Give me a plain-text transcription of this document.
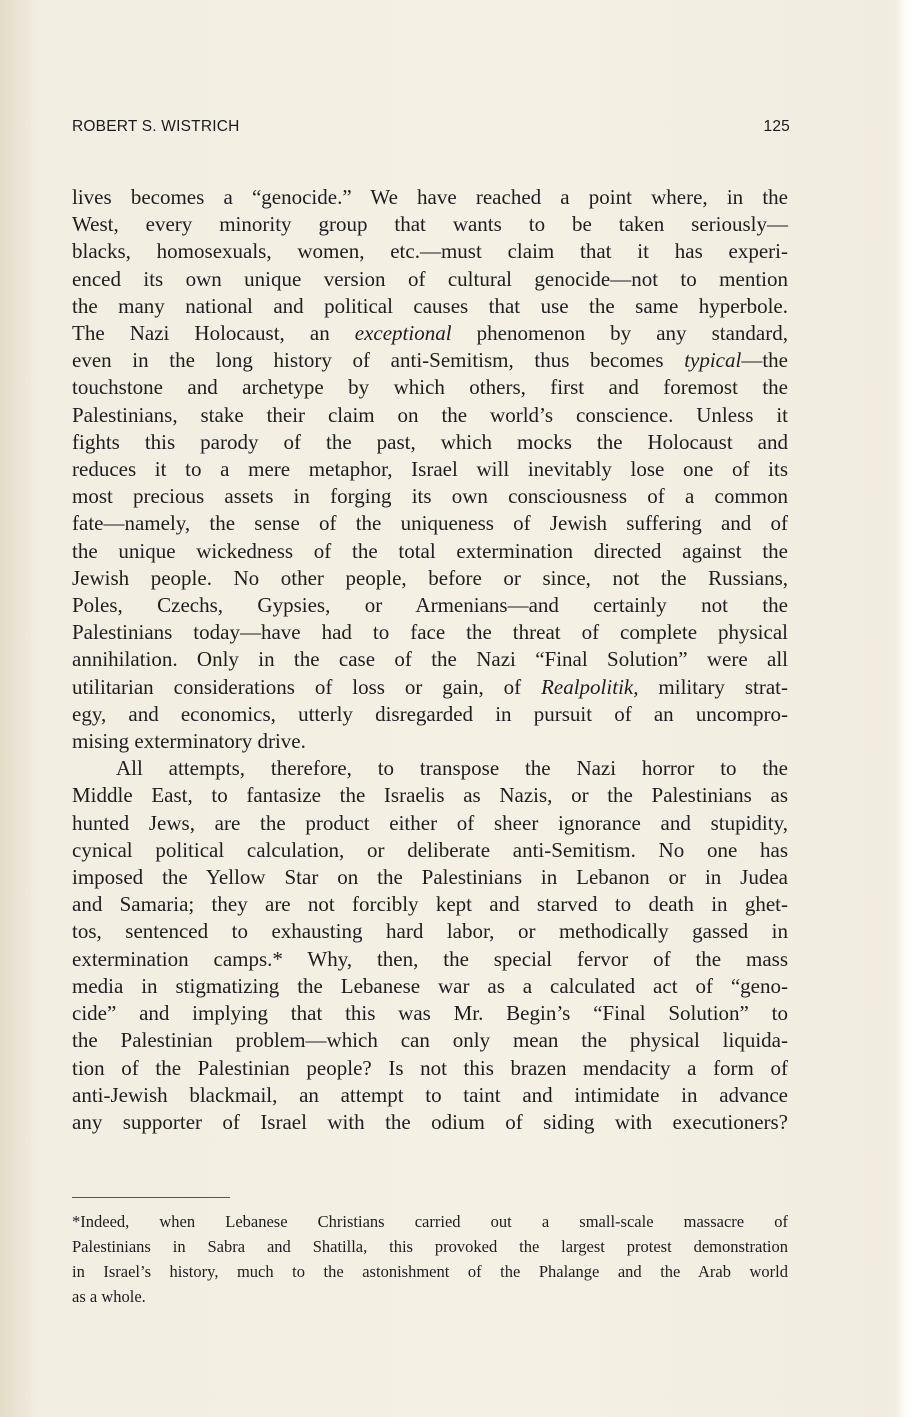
ROBERT S. WISTRICH	125

lives becomes a “genocide.” We have reached a point where, in the
West, every minority group that wants to be taken seriously—
blacks, homosexuals, women, etc.—must claim that it has experi-
enced its own unique version of cultural genocide—not to mention
the many national and political causes that use the same hyperbole.
The Nazi Holocaust, an exceptional phenomenon by any standard,
even in the long history of anti-Semitism, thus becomes typical—the
touchstone and archetype by which others, first and foremost the
Palestinians, stake their claim on the world’s conscience. Unless it
fights this parody of the past, which mocks the Holocaust and
reduces it to a mere metaphor, Israel will inevitably lose one of its
most precious assets in forging its own consciousness of a common
fate—namely, the sense of the uniqueness of Jewish suffering and of
the unique wickedness of the total extermination directed against the
Jewish people. No other people, before or since, not the Russians,
Poles, Czechs, Gypsies, or Armenians—and certainly not the
Palestinians today—have had to face the threat of complete physical
annihilation. Only in the case of the Nazi “Final Solution” were all
utilitarian considerations of loss or gain, of Realpolitik, military strat-
egy, and economics, utterly disregarded in pursuit of an uncompro-
mising exterminatory drive.

All attempts, therefore, to transpose the Nazi horror to the
Middle East, to fantasize the Israelis as Nazis, or the Palestinians as
hunted Jews, are the product either of sheer ignorance and stupidity,
cynical political calculation, or deliberate anti-Semitism. No one has
imposed the Yellow Star on the Palestinians in Lebanon or in Judea
and Samaria; they are not forcibly kept and starved to death in ghet-
tos, sentenced to exhausting hard labor, or methodically gassed in
extermination camps.* Why, then, the special fervor of the mass
media in stigmatizing the Lebanese war as a calculated act of “geno-
cide” and implying that this was Mr. Begin’s “Final Solution” to
the Palestinian problem—which can only mean the physical liquida-
tion of the Palestinian people? Is not this brazen mendacity a form of
anti-Jewish blackmail, an attempt to taint and intimidate in advance
any supporter of Israel with the odium of siding with executioners?

*Indeed, when Lebanese Christians carried out a small-scale massacre of
Palestinians in Sabra and Shatilla, this provoked the largest protest demonstration
in Israel’s history, much to the astonishment of the Phalange and the Arab world
as a whole.
